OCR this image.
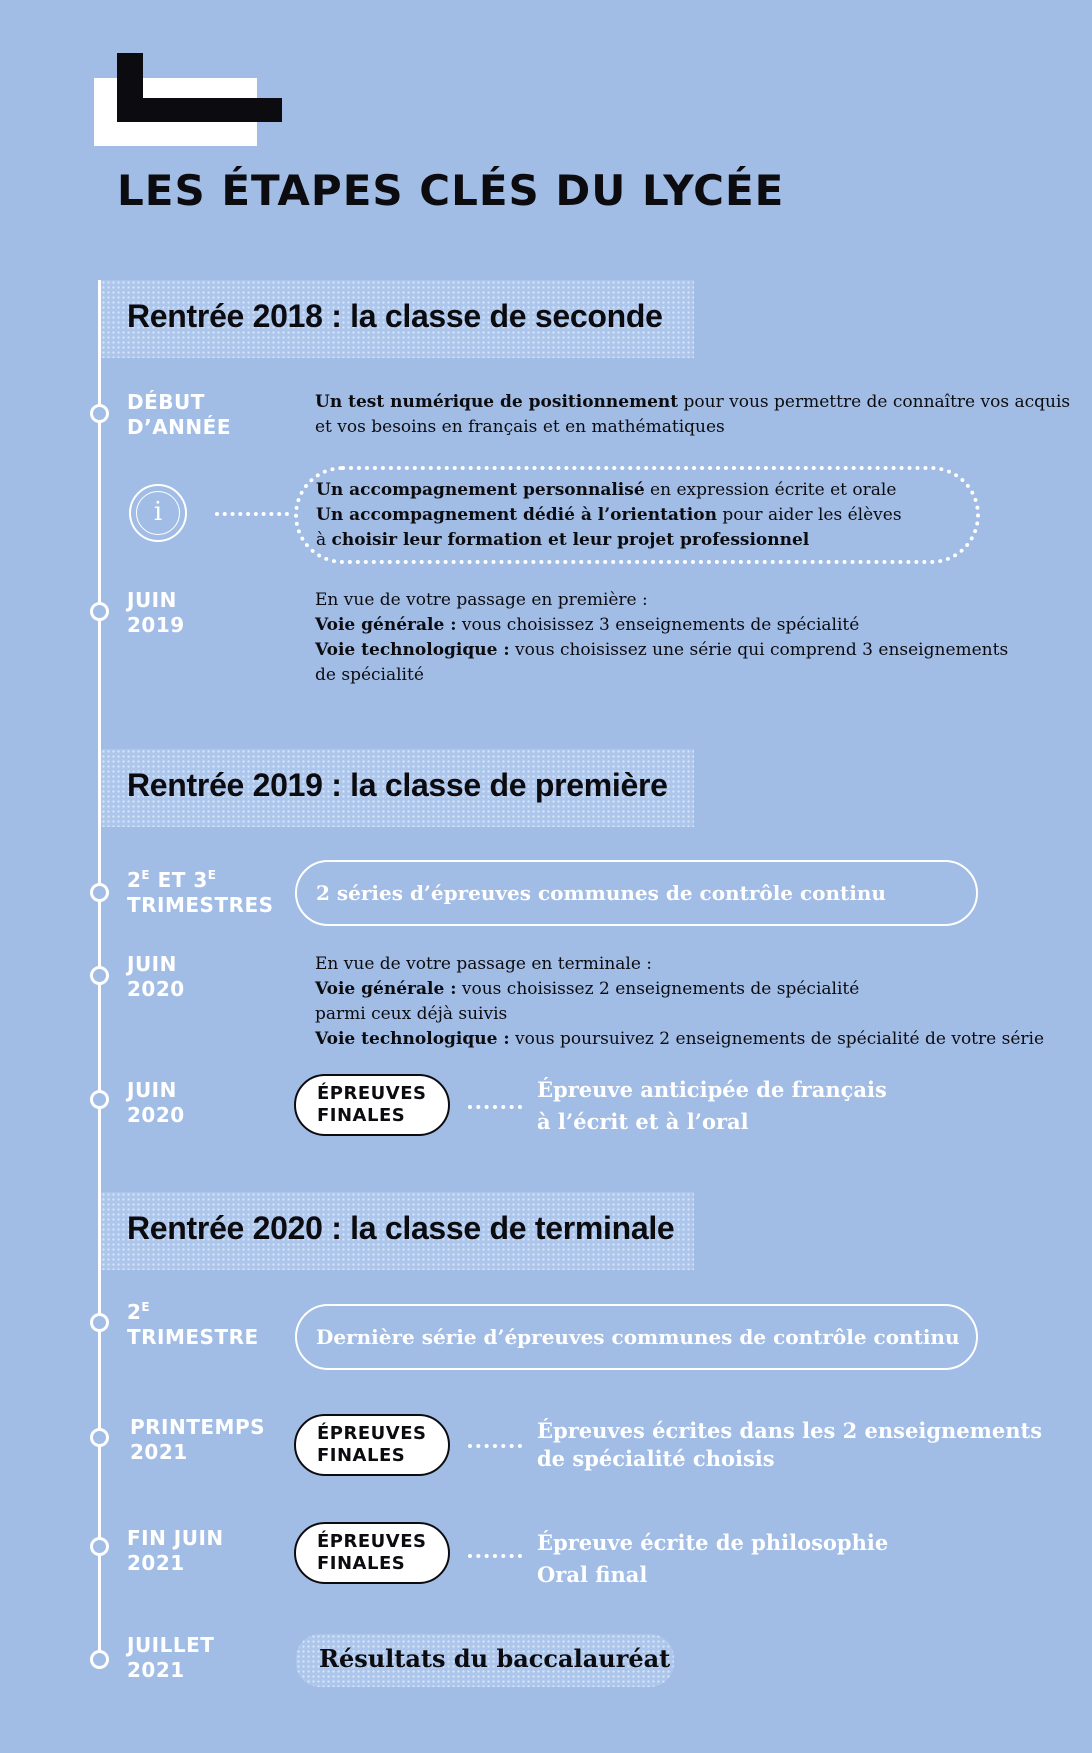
LES ÉTAPES CLÉS DU LYCÉE
Rentrée 2018 : la classe de seconde
DÉBUT
D’ANNÉE
Un test numérique de positionnement pour vous permettre de connaître vos acquis
et vos besoins en français et en mathématiques
i
Un accompagnement personnalisé en expression écrite et orale
Un accompagnement dédié à l’orientation pour aider les élèves
à choisir leur formation et leur projet professionnel
JUIN
2019
En vue de votre passage en première :
Voie générale : vous choisissez 3 enseignements de spécialité
Voie technologique : vous choisissez une série qui comprend 3 enseignements
de spécialité
Rentrée 2019 : la classe de première
$2^E$ ET $3^E$
TRIMESTRES 2 séries d’épreuves communes de contrôle continu
JUIN
2020
En vue de votre passage en terminale :
Voie générale : vous choisissez 2 enseignements de spécialité
parmi ceux déjà suivis
Voie technologique : vous poursuivez 2 enseignements de spécialité de votre série
JUIN
2020
ÉPREUVES
FINALES
Épreuve anticipée de français
à l’écrit et à l’oral
Rentrée 2020 : la classe de terminale
$2^E$
TRIMESTRE	Dernière série d’épreuves communes de contrôle continu
PRINTEMPS
2021
ÉPREUVES
FINALES
Épreuves écrites dans les 2 enseignements
de spécialité choisis
FIN JUIN
2021
ÉPREUVES
FINALES
Épreuve écrite de philosophie
Oral final
JUILLET
2021	Résultats du baccalauréat
